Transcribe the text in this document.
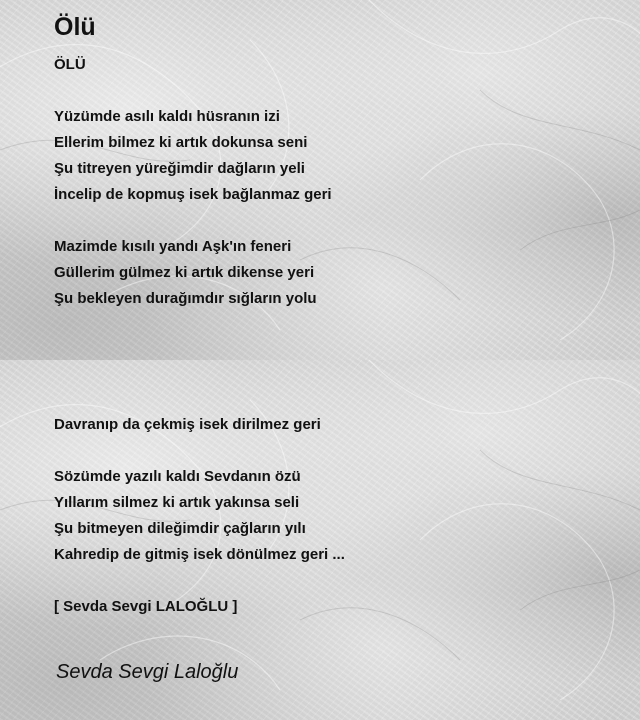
Ölü
ÖLÜ
Yüzümde asılı kaldı hüsranın izi
Ellerim bilmez ki artık dokunsa seni
Şu titreyen yüreğimdir dağların yeli
İncelip de kopmuş isek bağlanmaz geri
Mazimde kısılı yandı Aşk'ın feneri
Güllerim gülmez ki artık dikense yeri
Şu bekleyen durağımdır sığların yolu
Davranıp da çekmiş isek dirilmez geri
Sözümde yazılı kaldı Sevdanın özü
Yıllarım silmez ki artık yakınsa seli
Şu bitmeyen dileğimdir çağların yılı
Kahredip de gitmiş isek dönülmez geri ...
[ Sevda Sevgi LALOĞLU ]
Sevda Sevgi Laloğlu
